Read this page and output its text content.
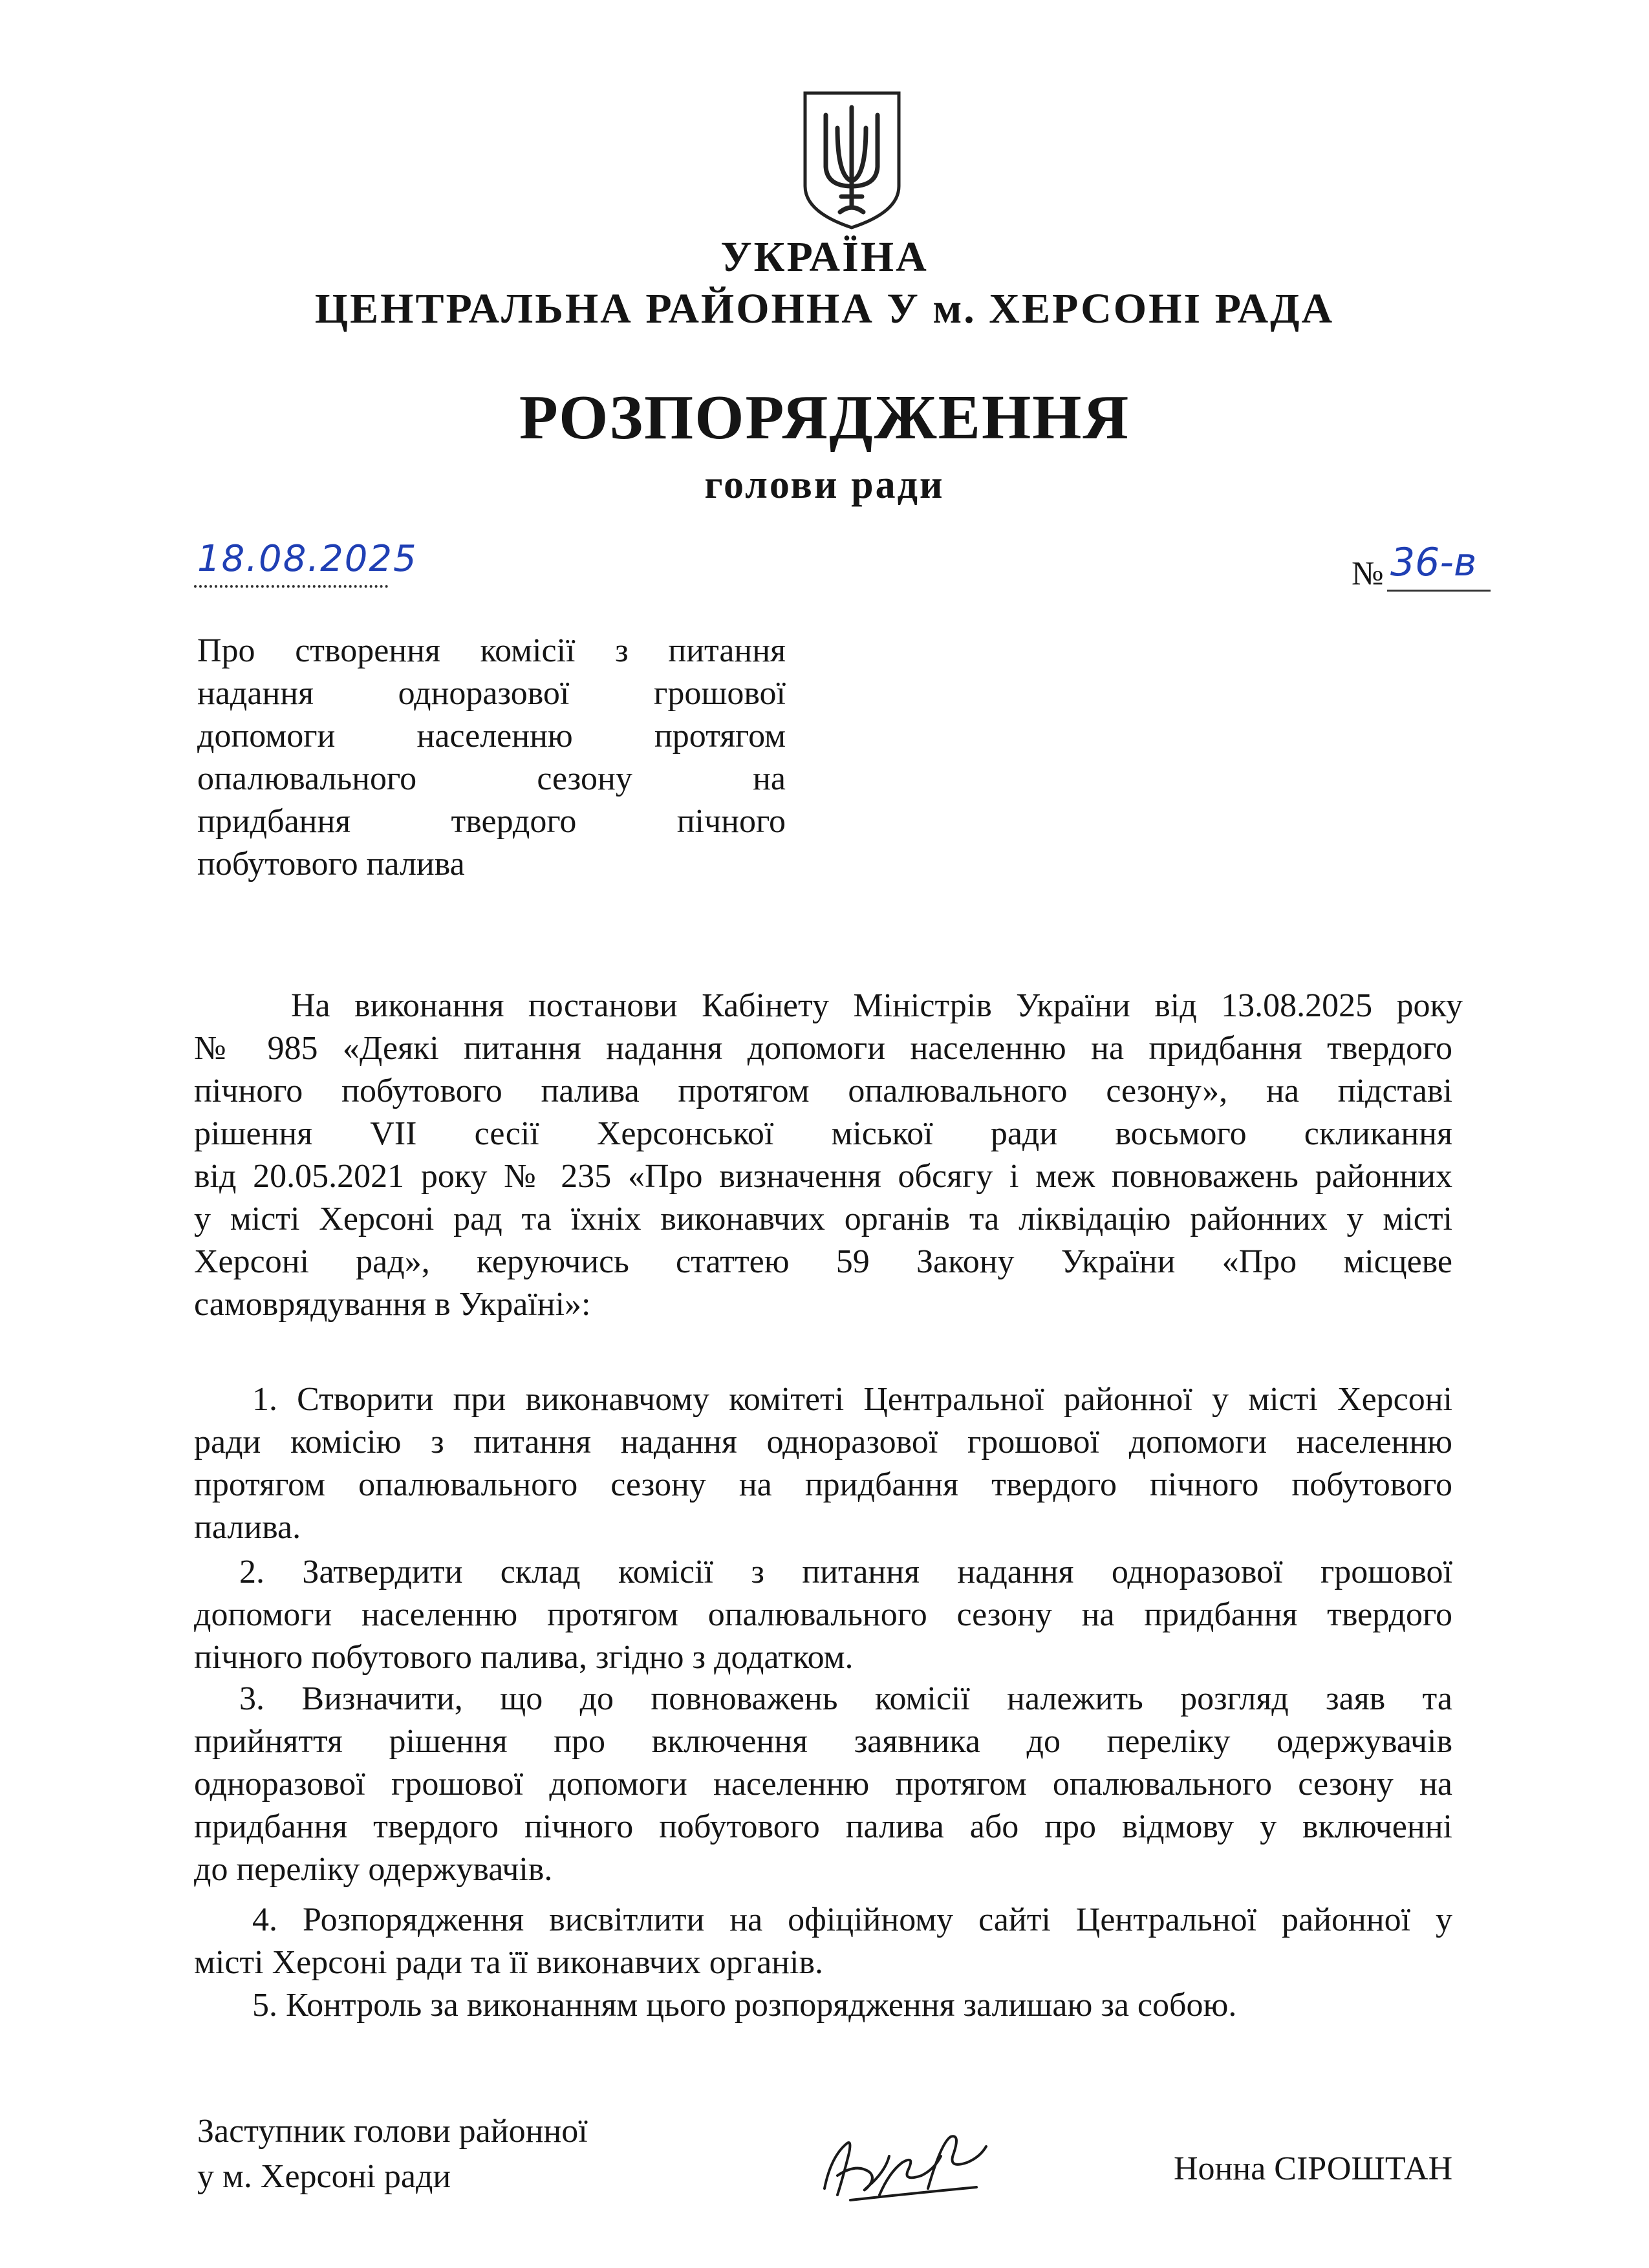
УКРАЇНА
ЦЕНТРАЛЬНА РАЙОННА У м. ХЕРСОНІ РАДА
РОЗПОРЯДЖЕННЯ
голови ради
18.08.2025	№ 36-в
Про створення комісії з питання
надання одноразової грошової
допомоги населенню протягом
опалювального сезону на
придбання твердого пічного
побутового палива
На виконання постанови Кабінету Міністрів України від 13.08.2025 року
№ 985 «Деякі питання надання допомоги населенню на придбання твердого
пічного побутового палива протягом опалювального сезону», на підставі
рішення VII сесії Херсонської міської ради восьмого скликання
від 20.05.2021 року № 235 «Про визначення обсягу і меж повноважень районних
у місті Херсоні рад та їхніх виконавчих органів та ліквідацію районних у місті
Херсоні рад», керуючись статтею 59 Закону України «Про місцеве
самоврядування в Україні»:
1. Створити при виконавчому комітеті Центральної районної у місті Херсоні
ради комісію з питання надання одноразової грошової допомоги населенню
протягом опалювального сезону на придбання твердого пічного побутового
палива.
2. Затвердити склад комісії з питання надання одноразової грошової
допомоги населенню протягом опалювального сезону на придбання твердого
пічного побутового палива, згідно з додатком.
3. Визначити, що до повноважень комісії належить розгляд заяв та
прийняття рішення про включення заявника до переліку одержувачів
одноразової грошової допомоги населенню протягом опалювального сезону на
придбання твердого пічного побутового палива або про відмову у включенні
до переліку одержувачів.
4. Розпорядження висвітлити на офіційному сайті Центральної районної у
місті Херсоні ради та її виконавчих органів.
5. Контроль за виконанням цього розпорядження залишаю за собою.
Заступник голови районної
у м. Херсоні ради	Нонна СІРОШТАН
